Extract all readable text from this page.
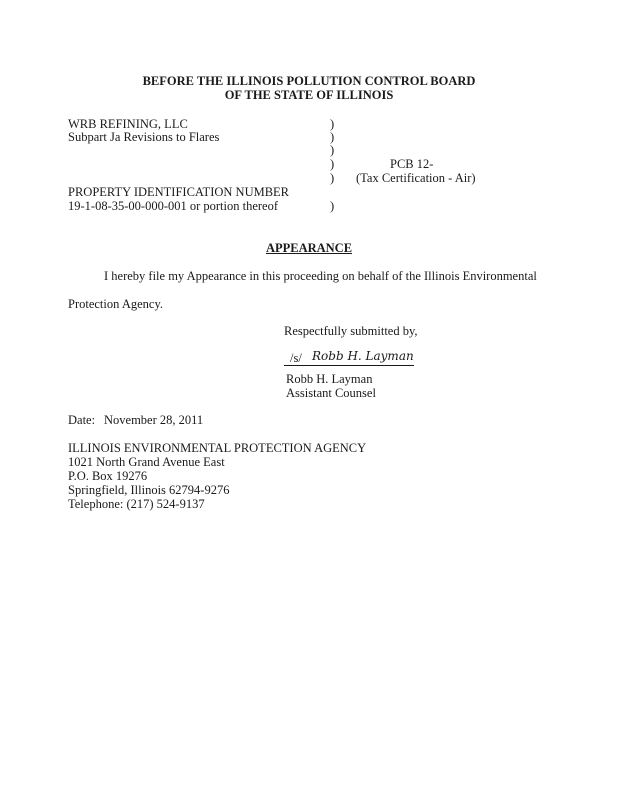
BEFORE THE ILLINOIS POLLUTION CONTROL BOARD
OF THE STATE OF ILLINOIS
WRB REFINING, LLC
Subpart Ja Revisions to Flares
PROPERTY IDENTIFICATION NUMBER
19-1-08-35-00-000-001 or portion thereof
)
)
)
)
)
)
PCB 12-
(Tax Certification - Air)
APPEARANCE
I hereby file my Appearance in this proceeding on behalf of the Illinois Environmental
Protection Agency.
Respectfully submitted by,
/s/ Robb H. Layman
Robb H. Layman
Assistant Counsel
Date: November 28, 2011
ILLINOIS ENVIRONMENTAL PROTECTION AGENCY
1021 North Grand Avenue East
P.O. Box 19276
Springfield, Illinois 62794-9276
Telephone: (217) 524-9137
